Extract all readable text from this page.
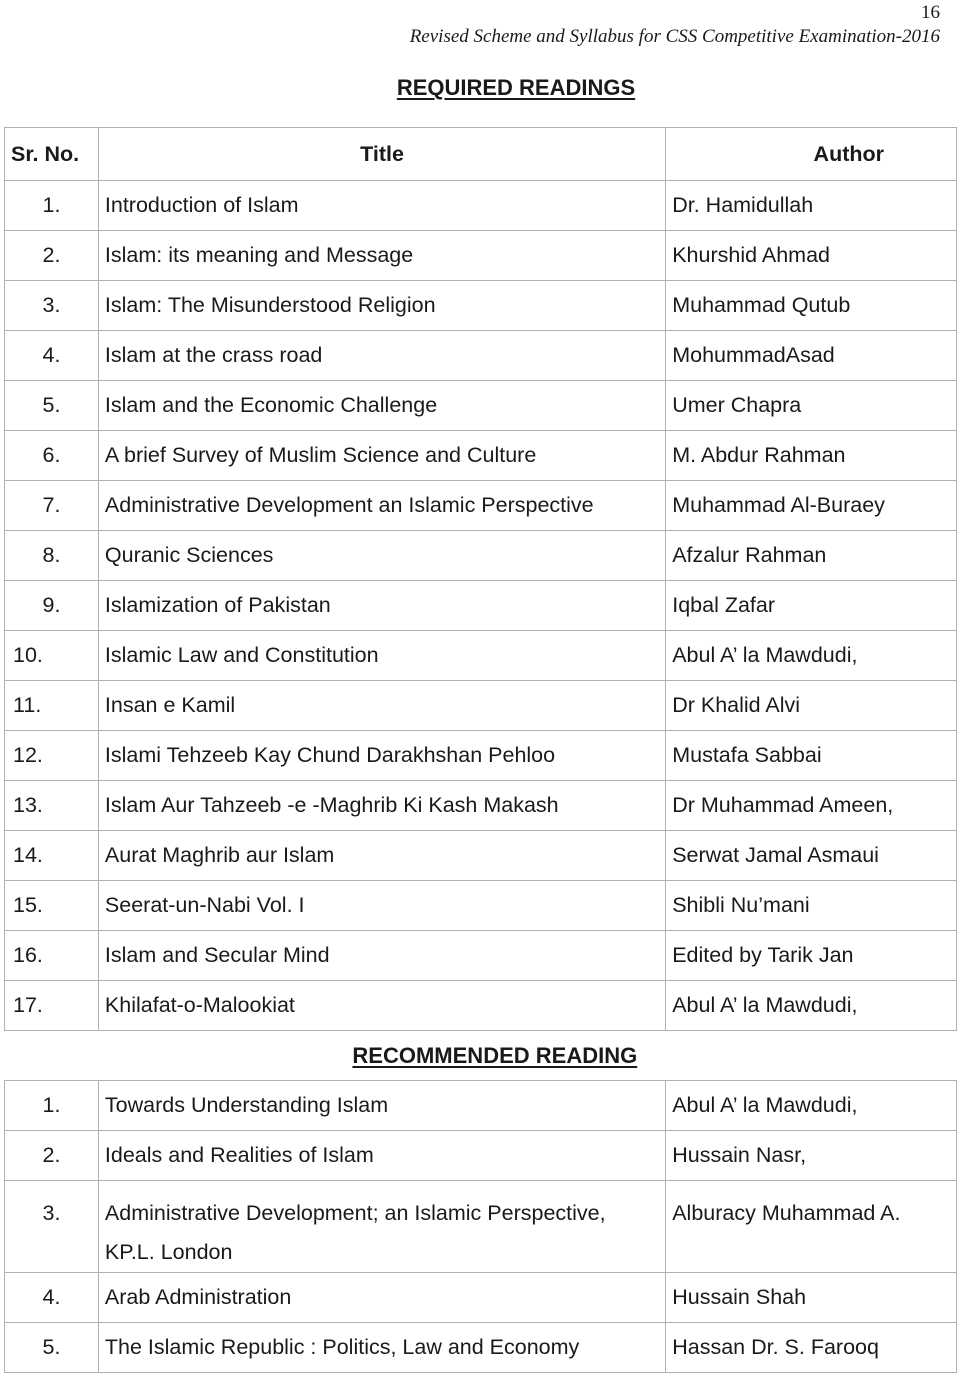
16
Revised Scheme and Syllabus for CSS Competitive Examination-2016
REQUIRED READINGS
Sr. No.	Title	Author
1.	Introduction of Islam	Dr. Hamidullah
2.	Islam: its meaning and Message	Khurshid Ahmad
3.	Islam: The Misunderstood Religion	Muhammad Qutub
4.	Islam at the crass road	MohummadAsad
5.	Islam and the Economic Challenge	Umer Chapra
6.	A brief Survey of Muslim Science and Culture	M. Abdur Rahman
7.	Administrative Development an Islamic Perspective	Muhammad Al-Buraey
8.	Quranic Sciences	Afzalur Rahman
9.	Islamization of Pakistan	Iqbal Zafar
10.	Islamic Law and Constitution	Abul A’ la Mawdudi,
11.	Insan e Kamil	Dr Khalid Alvi
12.	Islami Tehzeeb Kay Chund Darakhshan Pehloo	Mustafa Sabbai
13.	Islam Aur Tahzeeb -e -Maghrib Ki Kash Makash	Dr Muhammad Ameen,
14.	Aurat Maghrib aur Islam	Serwat Jamal Asmaui
15.	Seerat-un-Nabi Vol. I	Shibli Nu’mani
16.	Islam and Secular Mind	Edited by Tarik Jan
17.	Khilafat-o-Malookiat	Abul A’ la Mawdudi,
	RECOMMENDED READING	
1.	Towards Understanding Islam	Abul A’ la Mawdudi,
2.	Ideals and Realities of Islam	Hussain Nasr,
3.	Administrative Development; an Islamic Perspective, KP.L. London	Alburacy Muhammad A.
4.	Arab Administration	Hussain Shah
5.	The Islamic Republic : Politics, Law and Economy	Hassan Dr. S. Farooq
